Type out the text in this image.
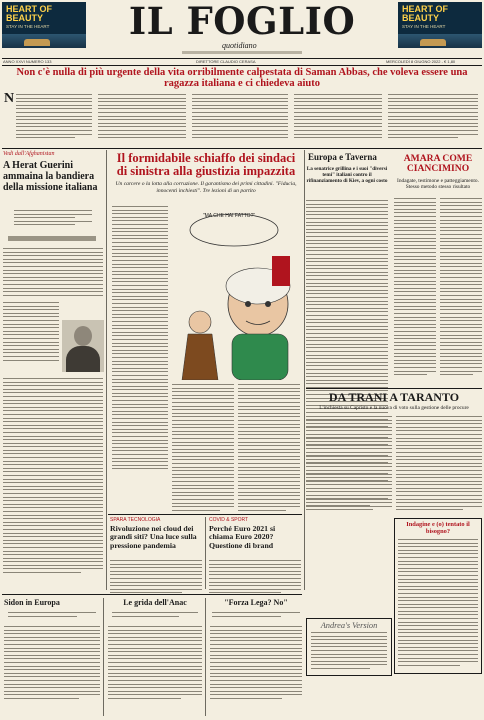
HEART OF BEAUTY
STAY IN THE HEART
HEART OF BEAUTY
STAY IN THE HEART
IL FOGLIO
quotidiano
ANNO XXVI NUMERO 133	DIRETTORE CLAUDIO CERASA	MERCOLEDÌ 8 GIUGNO 2022 - € 1,80
Non c'è nulla di più urgente della vita orribilmente calpestata di Saman Abbas, che voleva essere una ragazza italiana e ci chiedeva aiuto
N
Vedi dall'Afghanistan
A Herat Guerini ammaina la bandiera della missione italiana
Il formidabile schiaffo dei sindaci di sinistra alla giustizia impazzita
Un carcere o la lotta alla corruzione. Il garantismo dei primi cittadini. "Fiducia, innocenti inchiesti". Tre lezioni di un partito
"MA CHE HAI FATTO?"
SPARA TECNOLOGIA
Rivoluzione nei cloud dei grandi siti? Una luce sulla pressione pandemia
COVID & SPORT
Perché Euro 2021 si chiama Euro 2020? Questione di brand
Europa e Taverna
La senatrice grillina e i suoi "diversi temi" italiani contro il rifinanziamento di Kiev, a ogni costo
AMARA COME CIANCIMINO
Indagate, testimone e patteggiamento. Stesso metodo stesso risultato
DA TRANI A TARANTO
L'inchiesta su Capristo e la nuova di voto sulla gestione delle procure
Indagine e (o) tentato il bisogno?
Andrea's Version
Sidon in Europa	Le grida dell'Anac	"Forza Lega? No"
